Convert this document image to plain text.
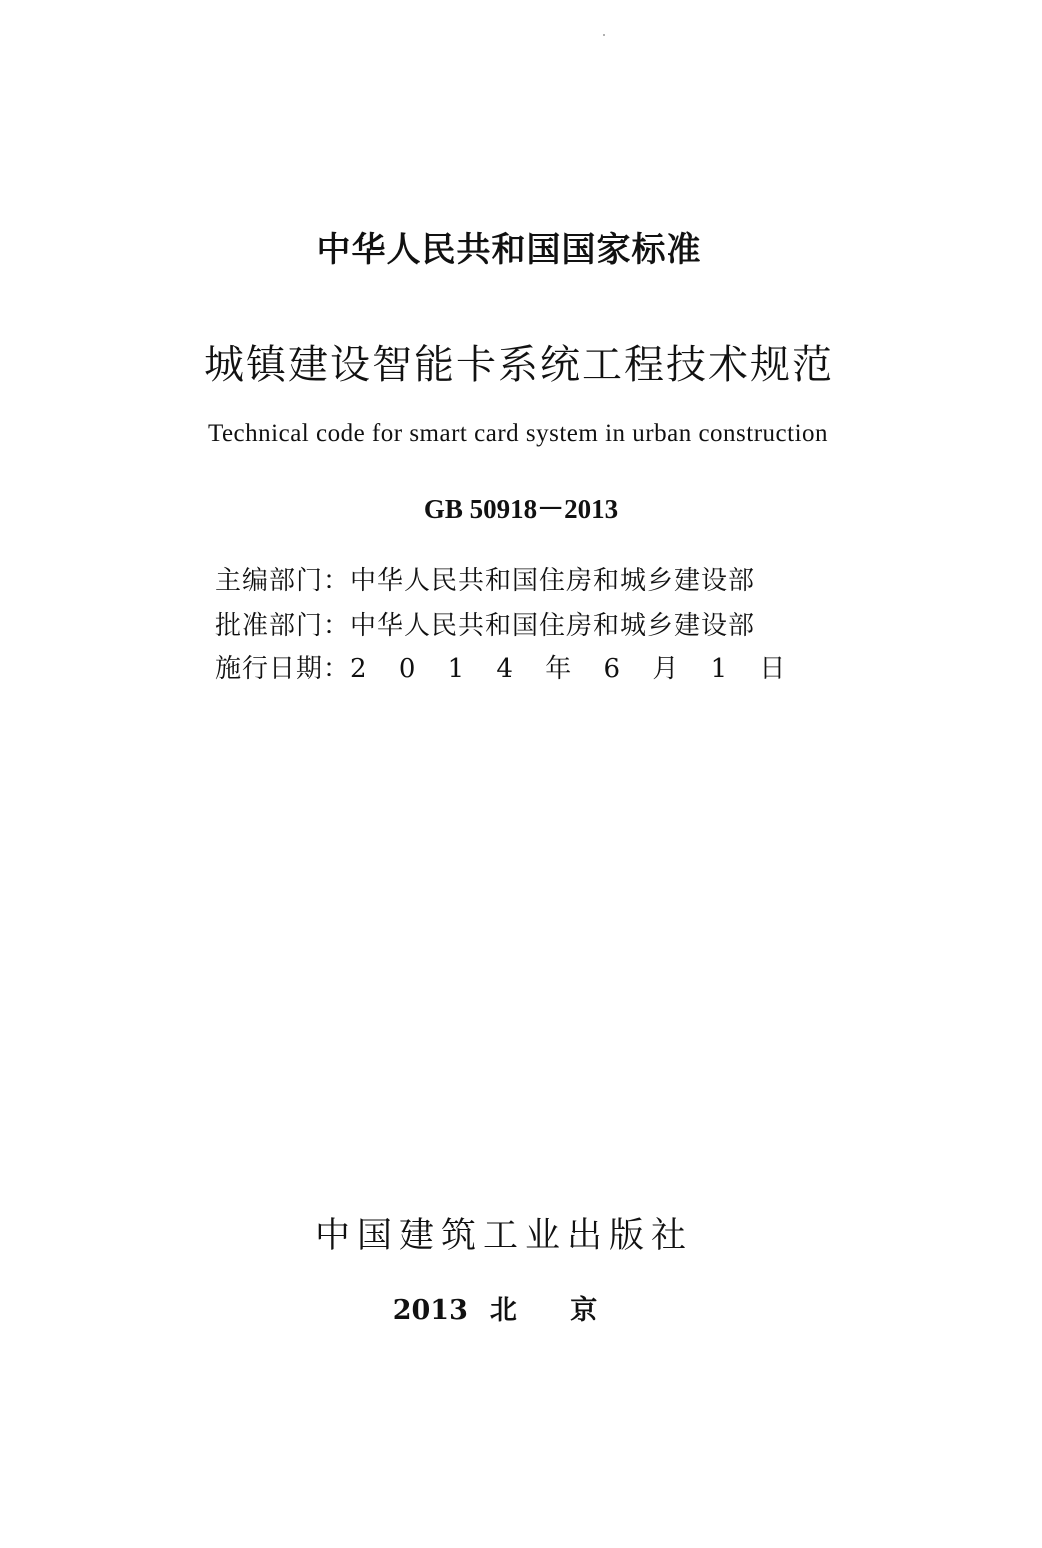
中华人民共和国国家标准
城镇建设智能卡系统工程技术规范
Technical code for smart card system in urban construction
GB 50918－2013
主编部门：中华人民共和国住房和城乡建设部
批准部门：中华人民共和国住房和城乡建设部
施行日期：2 0 1 4 年 6 月 1 日
中国建筑工业出版社
2013 北 京
